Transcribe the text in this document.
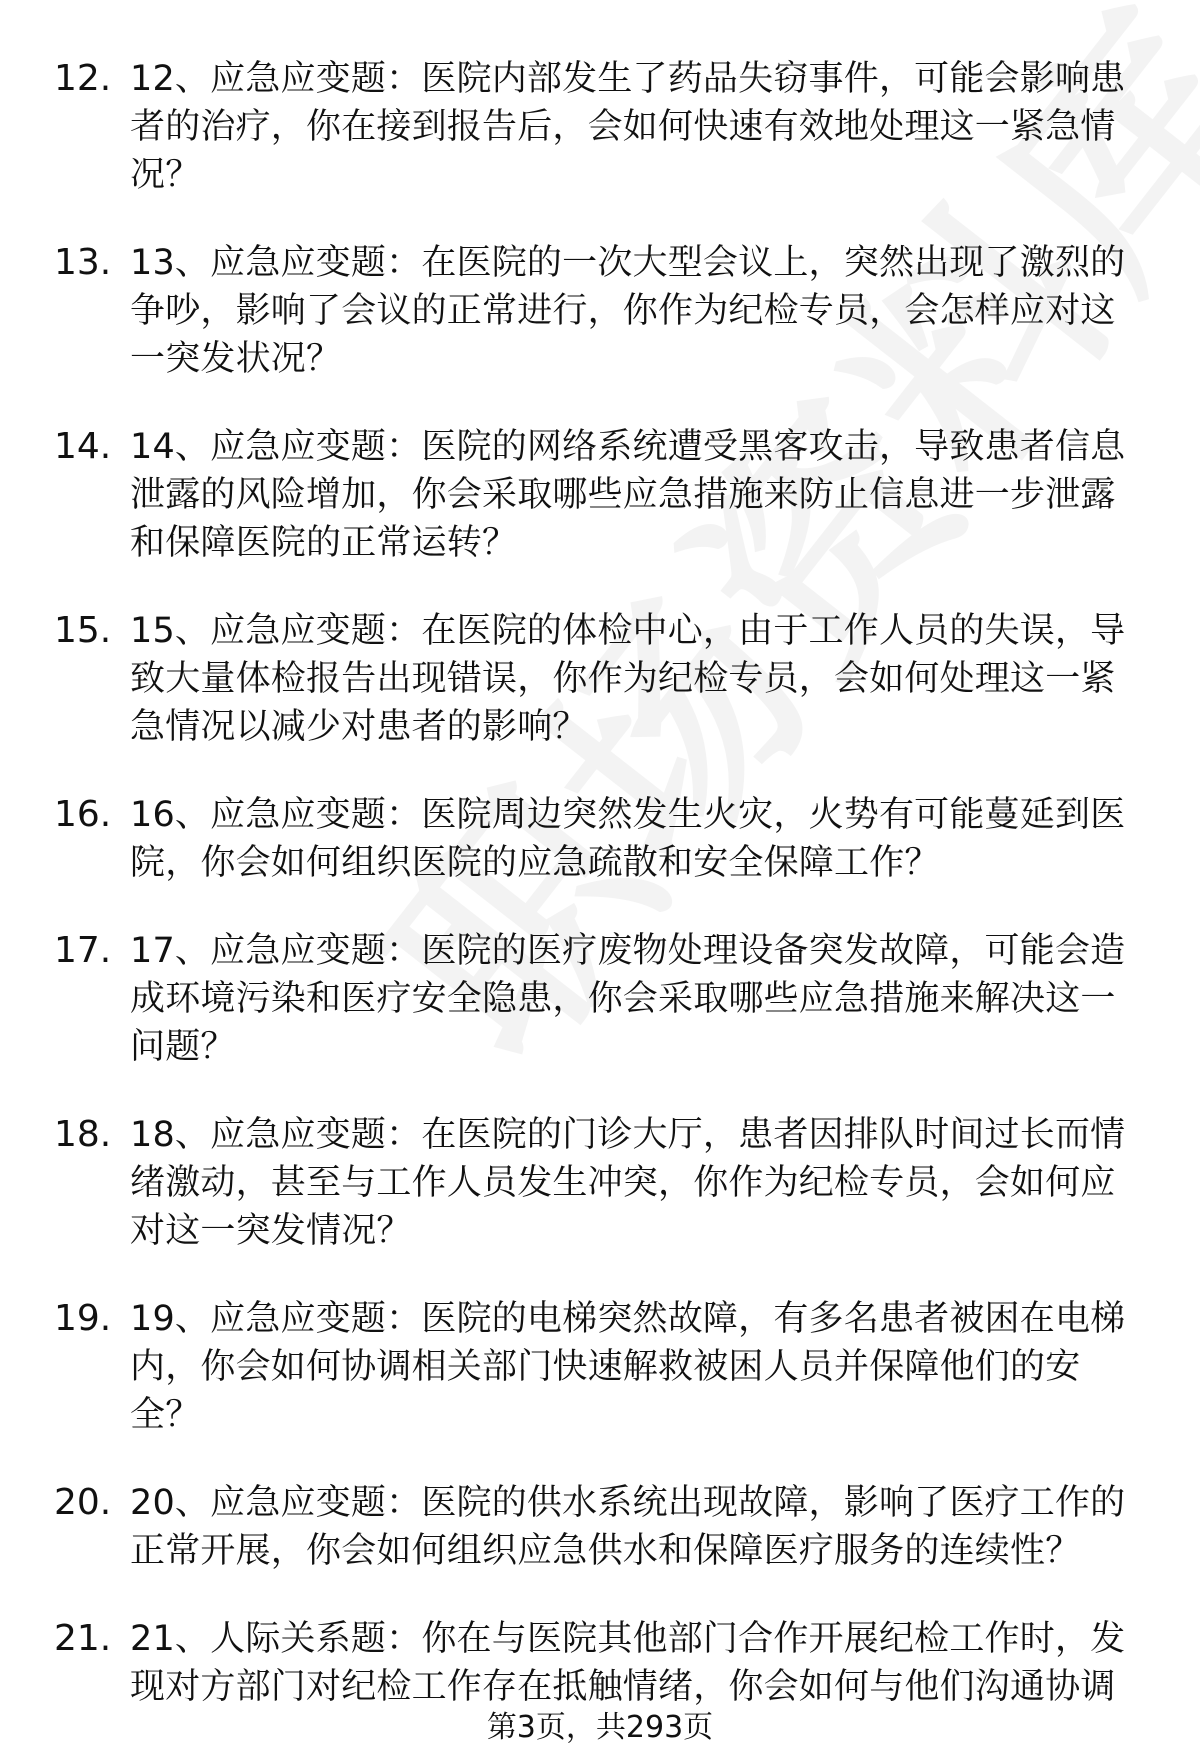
12. 12、应急应变题：医院内部发生了药品失窃事件，可能会影响患者的治疗，你在接到报告后，会如何快速有效地处理这一紧急情况？
13. 13、应急应变题：在医院的一次大型会议上，突然出现了激烈的争吵，影响了会议的正常进行，你作为纪检专员，会怎样应对这一突发状况？
14. 14、应急应变题：医院的网络系统遭受黑客攻击，导致患者信息泄露的风险增加，你会采取哪些应急措施来防止信息进一步泄露和保障医院的正常运转？
15. 15、应急应变题：在医院的体检中心，由于工作人员的失误，导致大量体检报告出现错误，你作为纪检专员，会如何处理这一紧急情况以减少对患者的影响？
16. 16、应急应变题：医院周边突然发生火灾，火势有可能蔓延到医院，你会如何组织医院的应急疏散和安全保障工作？
17. 17、应急应变题：医院的医疗废物处理设备突发故障，可能会造成环境污染和医疗安全隐患，你会采取哪些应急措施来解决这一问题？
18. 18、应急应变题：在医院的门诊大厅，患者因排队时间过长而情绪激动，甚至与工作人员发生冲突，你作为纪检专员，会如何应对这一突发情况？
19. 19、应急应变题：医院的电梯突然故障，有多名患者被困在电梯内，你会如何协调相关部门快速解救被困人员并保障他们的安全？
20. 20、应急应变题：医院的供水系统出现故障，影响了医疗工作的正常开展，你会如何组织应急供水和保障医疗服务的连续性？
21. 21、人际关系题：你在与医院其他部门合作开展纪检工作时，发现对方部门对纪检工作存在抵触情绪，你会如何与他们沟通协调
第3页，共293页
